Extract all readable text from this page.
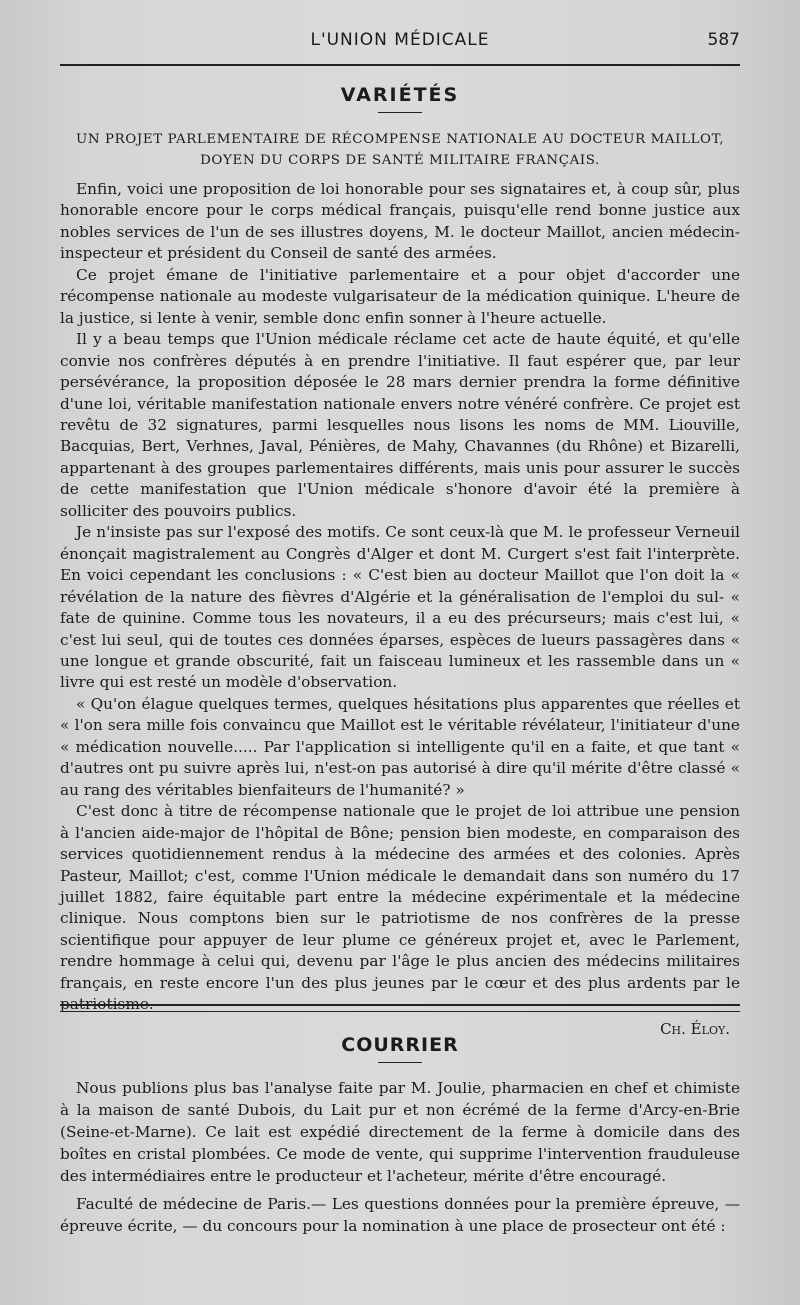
L'UNION MÉDICALE	587
VARIÉTÉS
UN PROJET PARLEMENTAIRE DE RÉCOMPENSE NATIONALE AU DOCTEUR MAILLOT,
DOYEN DU CORPS DE SANTÉ MILITAIRE FRANÇAIS.

Enfin, voici une proposition de loi honorable pour ses signataires et, à coup sûr, plus honorable encore pour le corps médical français, puisqu'elle rend bonne justice aux nobles services de l'un de ses illustres doyens, M. le docteur Maillot, ancien médecin-inspecteur et président du Conseil de santé des armées.

Ce projet émane de l'initiative parlementaire et a pour objet d'accorder une récompense nationale au modeste vulgarisateur de la médication quinique. L'heure de la justice, si lente à venir, semble donc enfin sonner à l'heure actuelle.

Il y a beau temps que l'Union médicale réclame cet acte de haute équité, et qu'elle convie nos confrères députés à en prendre l'initiative. Il faut espérer que, par leur persévérance, la proposition déposée le 28 mars dernier prendra la forme définitive d'une loi, véritable manifestation nationale envers notre vénéré confrère. Ce projet est revêtu de 32 signatures, parmi lesquelles nous lisons les noms de MM. Liouville, Bacquias, Bert, Verhnes, Javal, Pénières, de Mahy, Chavannes (du Rhône) et Bizarelli, appartenant à des groupes parlementaires différents, mais unis pour assurer le succès de cette manifestation que l'Union médicale s'honore d'avoir été la première à solliciter des pouvoirs publics.

Je n'insiste pas sur l'exposé des motifs. Ce sont ceux-là que M. le professeur Verneuil énonçait magistralement au Congrès d'Alger et dont M. Curgert s'est fait l'interprète. En voici cependant les conclusions : « C'est bien au docteur Maillot que l'on doit la « révélation de la nature des fièvres d'Algérie et la généralisation de l'emploi du sul- « fate de quinine. Comme tous les novateurs, il a eu des précurseurs; mais c'est lui, « c'est lui seul, qui de toutes ces données éparses, espèces de lueurs passagères dans « une longue et grande obscurité, fait un faisceau lumineux et les rassemble dans un « livre qui est resté un modèle d'observation.

« Qu'on élague quelques termes, quelques hésitations plus apparentes que réelles et « l'on sera mille fois convaincu que Maillot est le véritable révélateur, l'initiateur d'une « médication nouvelle..... Par l'application si intelligente qu'il en a faite, et que tant « d'autres ont pu suivre après lui, n'est-on pas autorisé à dire qu'il mérite d'être classé « au rang des véritables bienfaiteurs de l'humanité? »

C'est donc à titre de récompense nationale que le projet de loi attribue une pension à l'ancien aide-major de l'hôpital de Bône; pension bien modeste, en comparaison des services quotidiennement rendus à la médecine des armées et des colonies. Après Pasteur, Maillot; c'est, comme l'Union médicale le demandait dans son numéro du 17 juillet 1882, faire équitable part entre la médecine expérimentale et la médecine clinique. Nous comptons bien sur le patriotisme de nos confrères de la presse scientifique pour appuyer de leur plume ce généreux projet et, avec le Parlement, rendre hommage à celui qui, devenu par l'âge le plus ancien des médecins militaires français, en reste encore l'un des plus jeunes par le cœur et des plus ardents par le patriotisme.

Ch. Éloy.
COURRIER

Nous publions plus bas l'analyse faite par M. Joulie, pharmacien en chef et chimiste à la maison de santé Dubois, du Lait pur et non écrémé de la ferme d'Arcy-en-Brie (Seine-et-Marne). Ce lait est expédié directement de la ferme à domicile dans des boîtes en cristal plombées. Ce mode de vente, qui supprime l'intervention frauduleuse des intermédiaires entre le producteur et l'acheteur, mérite d'être encouragé.

Faculté de médecine de Paris.— Les questions données pour la première épreuve, — épreuve écrite, — du concours pour la nomination à une place de prosecteur ont été :
